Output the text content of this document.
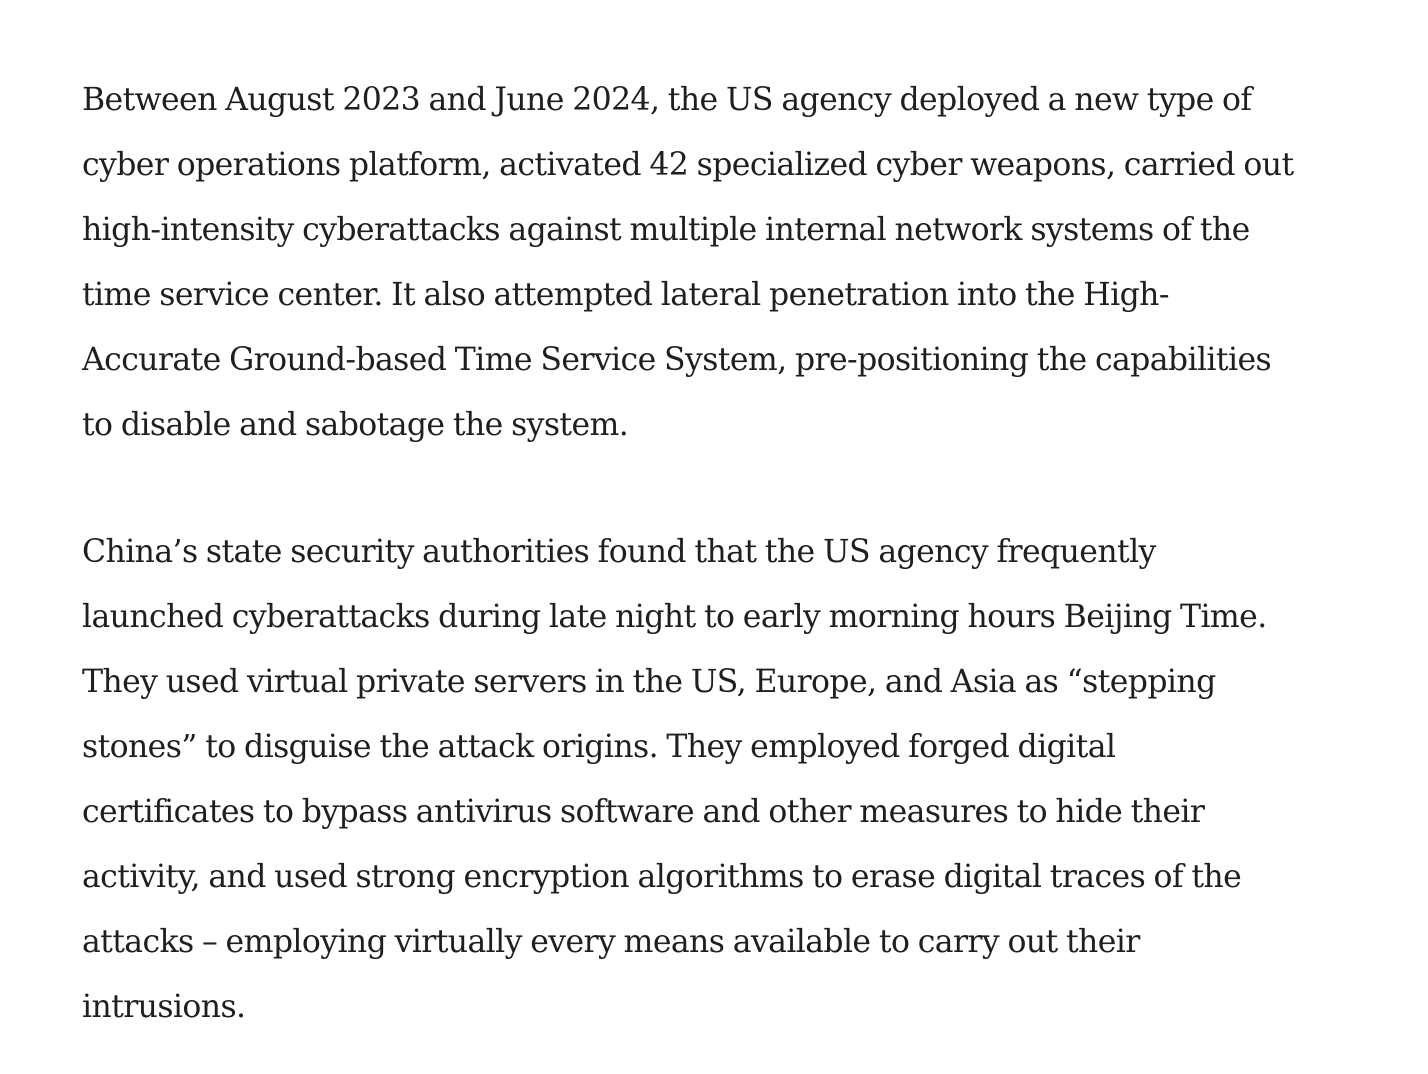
Between August 2023 and June 2024, the US agency deployed a new type of
cyber operations platform, activated 42 specialized cyber weapons, carried out
high-intensity cyberattacks against multiple internal network systems of the
time service center. It also attempted lateral penetration into the High-
Accurate Ground-based Time Service System, pre-positioning the capabilities
to disable and sabotage the system.

China’s state security authorities found that the US agency frequently
launched cyberattacks during late night to early morning hours Beijing Time.
They used virtual private servers in the US, Europe, and Asia as “stepping
stones” to disguise the attack origins. They employed forged digital
certificates to bypass antivirus software and other measures to hide their
activity, and used strong encryption algorithms to erase digital traces of the
attacks – employing virtually every means available to carry out their
intrusions.
